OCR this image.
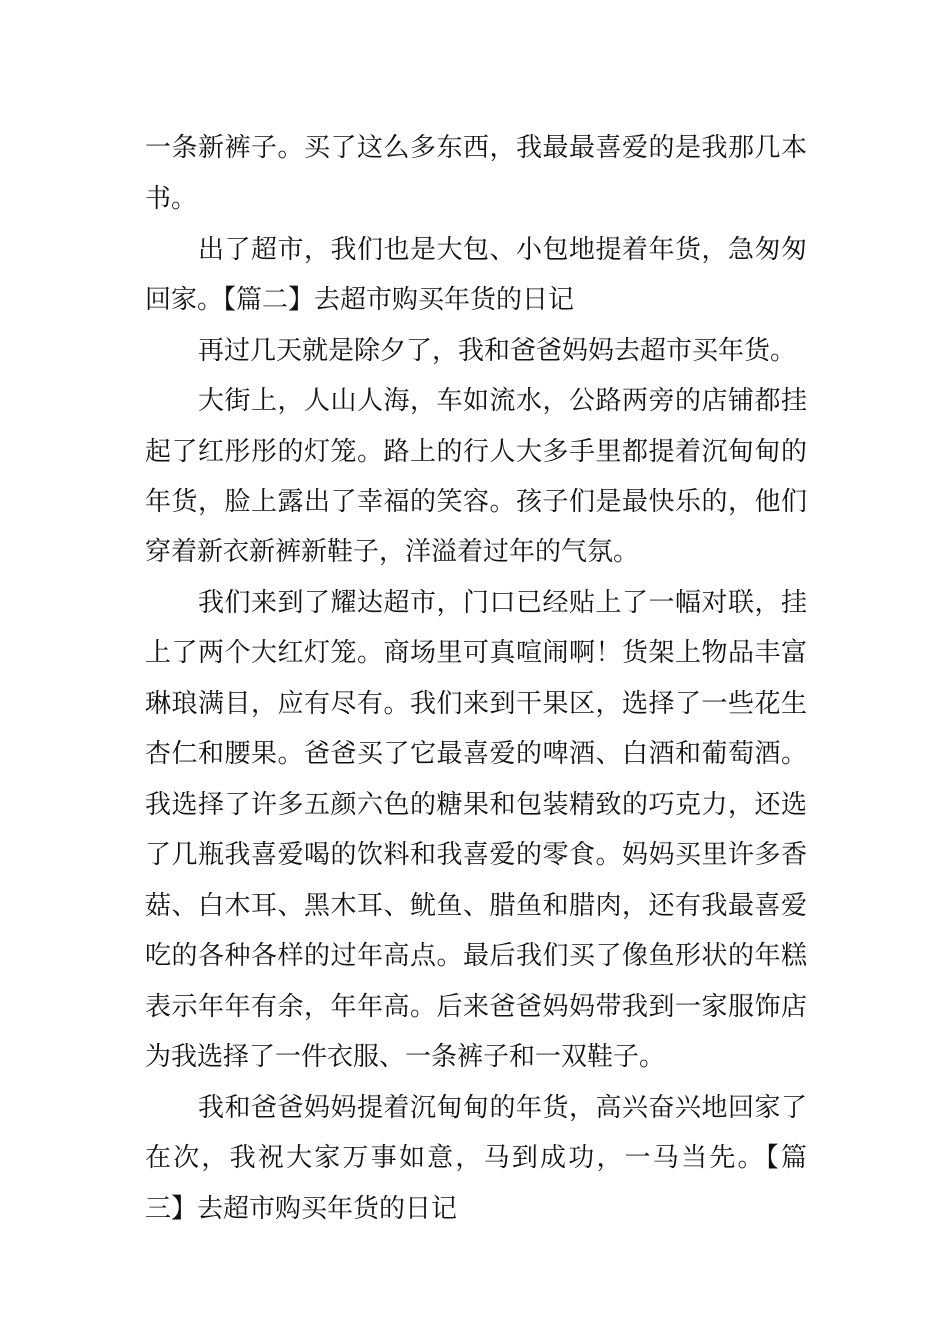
一条新裤子。买了这么多东西，我最最喜爱的是我那几本
书。
出了超市，我们也是大包、小包地提着年货，急匆匆
回家。【篇二】去超市购买年货的日记
再过几天就是除夕了，我和爸爸妈妈去超市买年货。
大街上，人山人海，车如流水，公路两旁的店铺都挂
起了红彤彤的灯笼。路上的行人大多手里都提着沉甸甸的
年货，脸上露出了幸福的笑容。孩子们是最快乐的，他们
穿着新衣新裤新鞋子，洋溢着过年的气氛。
我们来到了耀达超市，门口已经贴上了一幅对联，挂
上了两个大红灯笼。商场里可真喧闹啊！货架上物品丰富
琳琅满目，应有尽有。我们来到干果区，选择了一些花生
杏仁和腰果。爸爸买了它最喜爱的啤酒、白酒和葡萄酒。
我选择了许多五颜六色的糖果和包装精致的巧克力，还选
了几瓶我喜爱喝的饮料和我喜爱的零食。妈妈买里许多香
菇、白木耳、黑木耳、鱿鱼、腊鱼和腊肉，还有我最喜爱
吃的各种各样的过年高点。最后我们买了像鱼形状的年糕
表示年年有余，年年高。后来爸爸妈妈带我到一家服饰店
为我选择了一件衣服、一条裤子和一双鞋子。
我和爸爸妈妈提着沉甸甸的年货，高兴奋兴地回家了
在次，我祝大家万事如意，马到成功，一马当先。【篇
三】去超市购买年货的日记
